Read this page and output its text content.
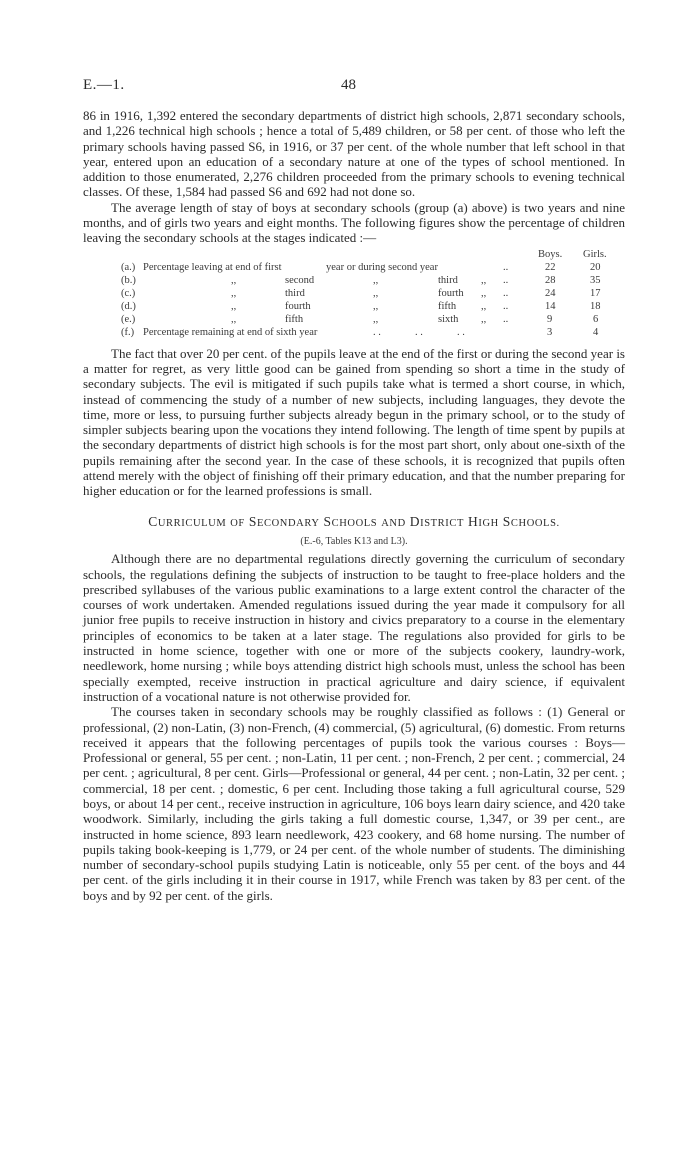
E.—1.	48

86 in 1916, 1,392 entered the secondary departments of district high schools, 2,871 secondary schools, and 1,226 technical high schools ; hence a total of 5,489 children, or 58 per cent. of those who left the primary schools having passed S6, in 1916, or 37 per cent. of the whole number that left school in that year, entered upon an education of a secondary nature at one of the types of school mentioned. In addition to those enumerated, 2,276 children proceeded from the primary schools to evening technical classes. Of these, 1,584 had passed S6 and 692 had not done so.

The average length of stay of boys at secondary schools (group (a) above) is two years and nine months, and of girls two years and eight months. The following figures show the percentage of children leaving the secondary schools at the stages indicated :—

Boys. Girls.
(a.) Percentage leaving at end of first	year or during second year	..	22	20
(b.)	,,	second	,,	third ,, ..	28	35
(c.)	,,	third	,,	fourth ,, ..	24	17
(d.)	,,	fourth	,,	fifth ,, ..	14	18
(e.)	,,	fifth	,,	sixth ,, ..	9	6
(f.) Percentage remaining at end of sixth year	. .             . .             . .	3	4

The fact that over 20 per cent. of the pupils leave at the end of the first or during the second year is a matter for regret, as very little good can be gained from spending so short a time in the study of secondary subjects. The evil is mitigated if such pupils take what is termed a short course, in which, instead of commencing the study of a number of new subjects, including languages, they devote the time, more or less, to pursuing further subjects already begun in the primary school, or to the study of simpler subjects bearing upon the vocations they intend following. The length of time spent by pupils at the secondary departments of district high schools is for the most part short, only about one-sixth of the pupils remaining after the second year. In the case of these schools, it is recognized that pupils often attend merely with the object of finishing off their primary education, and that the number preparing for higher education or for the learned professions is small.

CURRICULUM OF SECONDARY SCHOOLS AND DISTRICT HIGH SCHOOLS.
(E.-6, Tables K13 and L3).

Although there are no departmental regulations directly governing the curriculum of secondary schools, the regulations defining the subjects of instruction to be taught to free-place holders and the prescribed syllabuses of the various public examinations to a large extent control the character of the courses of work undertaken. Amended regulations issued during the year made it compulsory for all junior free pupils to receive instruction in history and civics preparatory to a course in the elementary principles of economics to be taken at a later stage. The regulations also provided for girls to be instructed in home science, together with one or more of the subjects cookery, laundry-work, needlework, home nursing ; while boys attending district high schools must, unless the school has been specially exempted, receive instruction in practical agriculture and dairy science, if equivalent instruction of a vocational nature is not otherwise provided for.

The courses taken in secondary schools may be roughly classified as follows : (1) General or professional, (2) non-Latin, (3) non-French, (4) commercial, (5) agricultural, (6) domestic. From returns received it appears that the following percentages of pupils took the various courses : Boys—Professional or general, 55 per cent. ; non-Latin, 11 per cent. ; non-French, 2 per cent. ; commercial, 24 per cent. ; agricultural, 8 per cent. Girls—Professional or general, 44 per cent. ; non-Latin, 32 per cent. ; commercial, 18 per cent. ; domestic, 6 per cent. Including those taking a full agricultural course, 529 boys, or about 14 per cent., receive instruction in agriculture, 106 boys learn dairy science, and 420 take woodwork. Similarly, including the girls taking a full domestic course, 1,347, or 39 per cent., are instructed in home science, 893 learn needlework, 423 cookery, and 68 home nursing. The number of pupils taking book-keeping is 1,779, or 24 per cent. of the whole number of students. The diminishing number of secondary-school pupils studying Latin is noticeable, only 55 per cent. of the boys and 44 per cent. of the girls including it in their course in 1917, while French was taken by 83 per cent. of the boys and by 92 per cent. of the girls.
